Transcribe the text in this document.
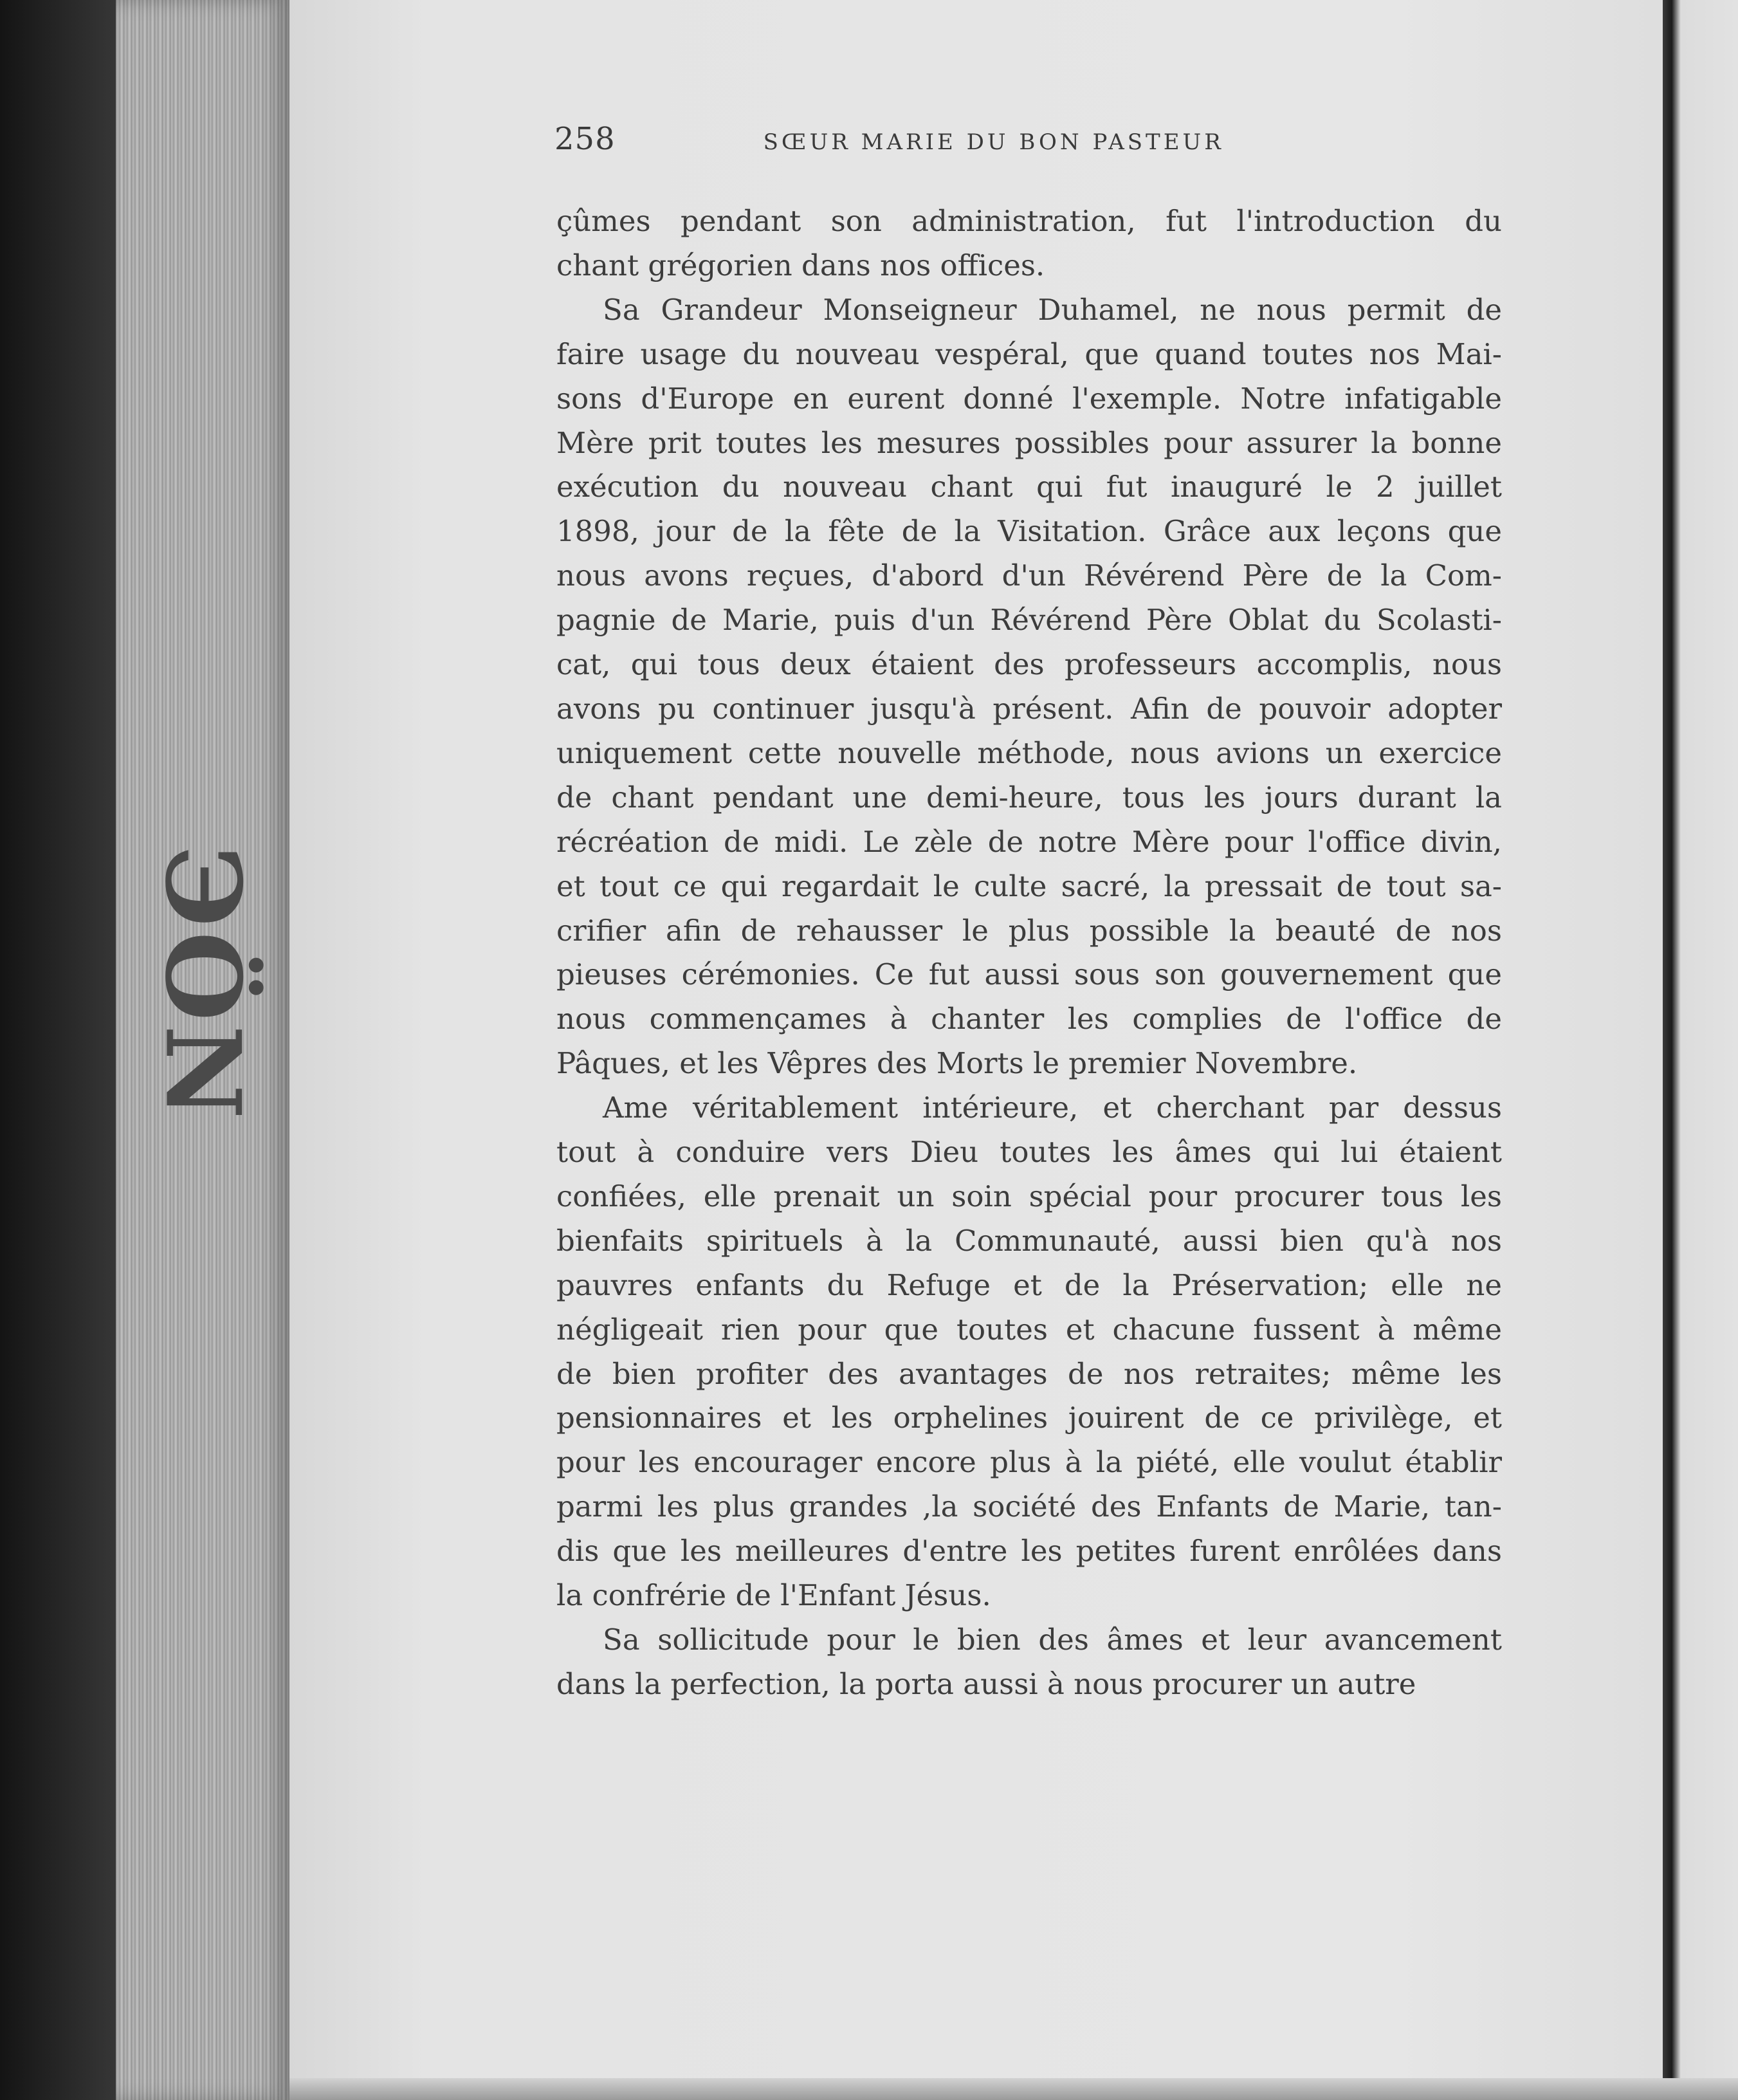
ЭÖN
258	SŒUR MARIE DU BON PASTEUR
çûmes pendant son administration, fut l'introduction du
chant grégorien dans nos offices.
Sa Grandeur Monseigneur Duhamel, ne nous permit de
faire usage du nouveau vespéral, que quand toutes nos Mai-
sons d'Europe en eurent donné l'exemple. Notre infatigable
Mère prit toutes les mesures possibles pour assurer la bonne
exécution du nouveau chant qui fut inauguré le 2 juillet
1898, jour de la fête de la Visitation. Grâce aux leçons que
nous avons reçues, d'abord d'un Révérend Père de la Com-
pagnie de Marie, puis d'un Révérend Père Oblat du Scolasti-
cat, qui tous deux étaient des professeurs accomplis, nous
avons pu continuer jusqu'à présent. Afin de pouvoir adopter
uniquement cette nouvelle méthode, nous avions un exercice
de chant pendant une demi-heure, tous les jours durant la
récréation de midi. Le zèle de notre Mère pour l'office divin,
et tout ce qui regardait le culte sacré, la pressait de tout sa-
crifier afin de rehausser le plus possible la beauté de nos
pieuses cérémonies. Ce fut aussi sous son gouvernement que
nous commençames à chanter les complies de l'office de
Pâques, et les Vêpres des Morts le premier Novembre.
Ame véritablement intérieure, et cherchant par dessus
tout à conduire vers Dieu toutes les âmes qui lui étaient
confiées, elle prenait un soin spécial pour procurer tous les
bienfaits spirituels à la Communauté, aussi bien qu'à nos
pauvres enfants du Refuge et de la Préservation; elle ne
négligeait rien pour que toutes et chacune fussent à même
de bien profiter des avantages de nos retraites; même les
pensionnaires et les orphelines jouirent de ce privilège, et
pour les encourager encore plus à la piété, elle voulut établir
parmi les plus grandes ,la société des Enfants de Marie, tan-
dis que les meilleures d'entre les petites furent enrôlées dans
la confrérie de l'Enfant Jésus.
Sa sollicitude pour le bien des âmes et leur avancement
dans la perfection, la porta aussi à nous procurer un autre
